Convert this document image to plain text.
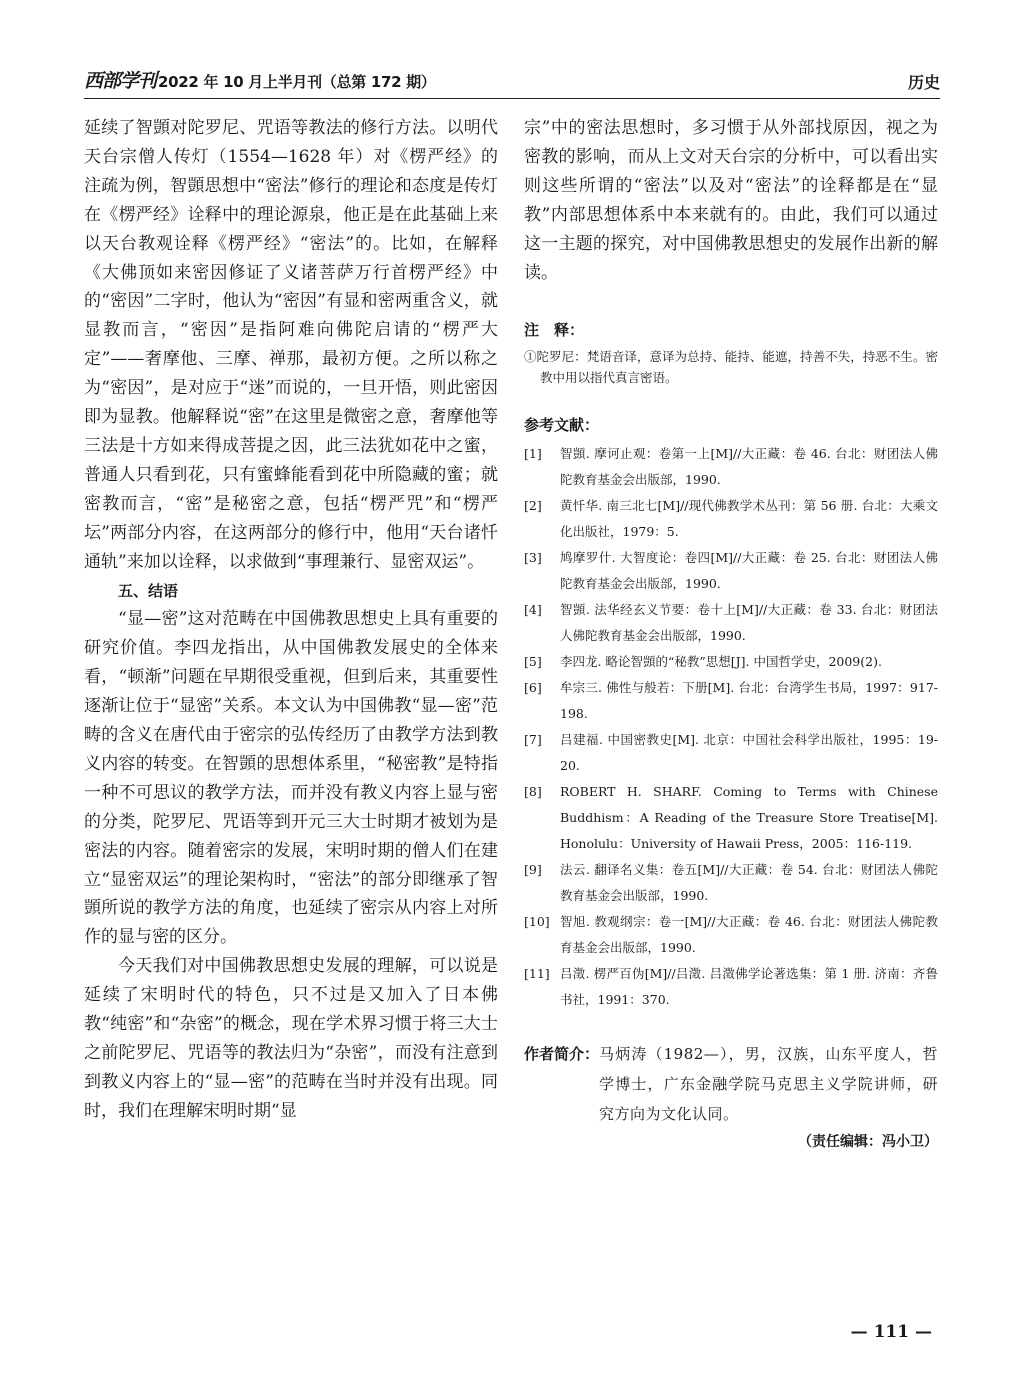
西部学刊 2022 年 10 月上半月刊（总第 172 期）	历史

延续了智顗对陀罗尼、咒语等教法的修行方法。以明代天台宗僧人传灯（1554—1628 年）对《楞严经》的注疏为例，智顗思想中“密法”修行的理论和态度是传灯在《楞严经》诠释中的理论源泉，他正是在此基础上来以天台教观诠释《楞严经》“密法”的。比如，在解释《大佛顶如来密因修证了义诸菩萨万行首楞严经》中的“密因”二字时，他认为“密因”有显和密两重含义，就显教而言，“密因”是指阿难向佛陀启请的“楞严大定”——奢摩他、三摩、禅那，最初方便。之所以称之为“密因”，是对应于“迷”而说的，一旦开悟，则此密因即为显教。他解释说“密”在这里是微密之意，奢摩他等三法是十方如来得成菩提之因，此三法犹如花中之蜜，普通人只看到花，只有蜜蜂能看到花中所隐藏的蜜；就密教而言，“密”是秘密之意，包括“楞严咒”和“楞严坛”两部分内容，在这两部分的修行中，他用“天台诸忏通轨”来加以诠释，以求做到“事理兼行、显密双运”。

五、结语

“显—密”这对范畴在中国佛教思想史上具有重要的研究价值。李四龙指出，从中国佛教发展史的全体来看，“顿渐”问题在早期很受重视，但到后来，其重要性逐渐让位于“显密”关系。本文认为中国佛教“显—密”范畴的含义在唐代由于密宗的弘传经历了由教学方法到教义内容的转变。在智顗的思想体系里，“秘密教”是特指一种不可思议的教学方法，而并没有教义内容上显与密的分类，陀罗尼、咒语等到开元三大士时期才被划为是密法的内容。随着密宗的发展，宋明时期的僧人们在建立“显密双运”的理论架构时，“密法”的部分即继承了智顗所说的教学方法的角度，也延续了密宗从内容上对所作的显与密的区分。

今天我们对中国佛教思想史发展的理解，可以说是延续了宋明时代的特色，只不过是又加入了日本佛教“纯密”和“杂密”的概念，现在学术界习惯于将三大士之前陀罗尼、咒语等的教法归为“杂密”，而没有注意到到教义内容上的“显—密”的范畴在当时并没有出现。同时，我们在理解宋明时期“显

宗”中的密法思想时，多习惯于从外部找原因，视之为密教的影响，而从上文对天台宗的分析中，可以看出实则这些所谓的“密法”以及对“密法”的诠释都是在“显教”内部思想体系中本来就有的。由此，我们可以通过这一主题的探究，对中国佛教思想史的发展作出新的解读。

注　释：

①陀罗尼：梵语音译，意译为总持、能持、能遮，持善不失，持恶不生。密教中用以指代真言密语。

参考文献：

[1]	智顗. 摩诃止观：卷第一上[M]//大正藏：卷 46. 台北：财团法人佛陀教育基金会出版部，1990.
[2]	黄忏华. 南三北七[M]//现代佛教学术丛刊：第 56 册. 台北：大乘文化出版社，1979：5.
[3]	鸠摩罗什. 大智度论：卷四[M]//大正藏：卷 25. 台北：财团法人佛陀教育基金会出版部，1990.
[4]	智顗. 法华经玄义节要：卷十上[M]//大正藏：卷 33. 台北：财团法人佛陀教育基金会出版部，1990.
[5]	李四龙. 略论智顗的“秘教”思想[J]. 中国哲学史，2009(2).
[6]	牟宗三. 佛性与般若：下册[M]. 台北：台湾学生书局，1997：917-198.
[7]	吕建福. 中国密教史[M]. 北京：中国社会科学出版社，1995：19-20.
[8]	ROBERT H. SHARF. Coming to Terms with Chinese Buddhism：A Reading of the Treasure Store Treatise[M]. Honolulu：University of Hawaii Press，2005：116-119.
[9]	法云. 翻译名义集：卷五[M]//大正藏：卷 54. 台北：财团法人佛陀教育基金会出版部，1990.
[10] 智旭. 教观纲宗：卷一[M]//大正藏：卷 46. 台北：财团法人佛陀教育基金会出版部，1990.
[11] 吕澂. 楞严百伪[M]//吕澂. 吕澂佛学论著选集：第 1 册. 济南：齐鲁书社，1991：370.
作者简介： 马炳涛（1982—），男，汉族，山东平度人，哲学博士，广东金融学院马克思主义学院讲师，研究方向为文化认同。
（责任编辑：冯小卫）
— 111 —
